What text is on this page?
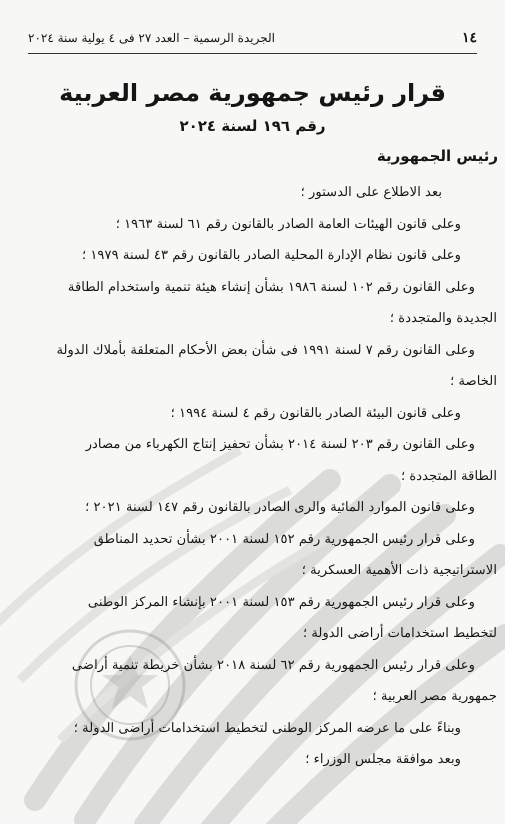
١٤
الجريدة الرسمية – العدد ٢٧ فى ٤ يولية سنة ٢٠٢٤
قرار رئيس جمهورية مصر العربية
رقم ١٩٦ لسنة ٢٠٢٤
رئيس الجمهورية

بعد الاطلاع على الدستور ؛

وعلى قانون الهيئات العامة الصادر بالقانون رقم ٦١ لسنة ١٩٦٣ ؛

وعلى قانون نظام الإدارة المحلية الصادر بالقانون رقم ٤٣ لسنة ١٩٧٩ ؛

وعلى القانون رقم ١٠٢ لسنة ١٩٨٦ بشأن إنشاء هيئة تنمية واستخدام الطاقة

الجديدة والمتجددة ؛

وعلى القانون رقم ٧ لسنة ١٩٩١ فى شأن بعض الأحكام المتعلقة بأملاك الدولة

الخاصة ؛

وعلى قانون البيئة الصادر بالقانون رقم ٤ لسنة ١٩٩٤ ؛

وعلى القانون رقم ٢٠٣ لسنة ٢٠١٤ بشأن تحفيز إنتاج الكهرباء من مصادر

الطاقة المتجددة ؛

وعلى قانون الموارد المائية والرى الصادر بالقانون رقم ١٤٧ لسنة ٢٠٢١ ؛

وعلى قرار رئيس الجمهورية رقم ١٥٢ لسنة ٢٠٠١ بشأن تحديد المناطق

الاستراتيجية ذات الأهمية العسكرية ؛

وعلى قرار رئيس الجمهورية رقم ١٥٣ لسنة ٢٠٠١ بإنشاء المركز الوطنى

لتخطيط استخدامات أراضى الدولة ؛

وعلى قرار رئيس الجمهورية رقم ٦٢ لسنة ٢٠١٨ بشأن خريطة تنمية أراضى

جمهورية مصر العربية ؛

وبناءً على ما عرضه المركز الوطنى لتخطيط استخدامات أراضى الدولة ؛

وبعد موافقة مجلس الوزراء ؛
